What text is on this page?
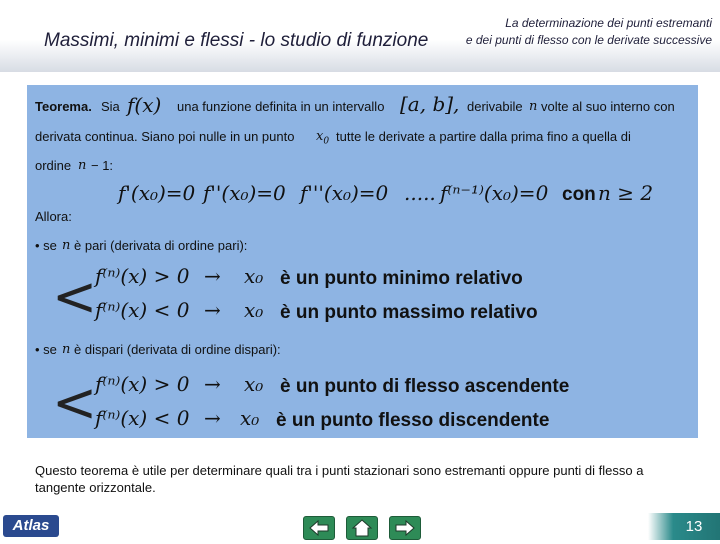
Massimi, minimi e flessi - lo studio di funzione
La determinazione dei punti estremanti
e dei punti di flesso con le derivate successive
Teorema. Sia f(x) una funzione definita in un intervallo [a, b], derivabile n volte al suo interno con
derivata continua. Siano poi nulle in un punto $x_0$ tutte le derivate a partire dalla prima fino a quella di
ordine n − 1:
f'(x₀)=0 f''(x₀)=0 f'''(x₀)=0 ..... f⁽ⁿ⁻¹⁾(x₀)=0 con n ≥ 2
Allora:
• se n è pari (derivata di ordine pari):
<
f⁽ⁿ⁾(x) > 0 → x₀ è un punto minimo relativo
f⁽ⁿ⁾(x) < 0 → x₀ è un punto massimo relativo
• se n è dispari (derivata di ordine dispari):
<
f⁽ⁿ⁾(x) > 0 → x₀ è un punto di flesso ascendente
f⁽ⁿ⁾(x) < 0 → x₀ è un punto flesso discendente
Questo teorema è utile per determinare quali tra i punti stazionari sono estremanti oppure punti di flesso a tangente orizzontale.
Atlas	13
